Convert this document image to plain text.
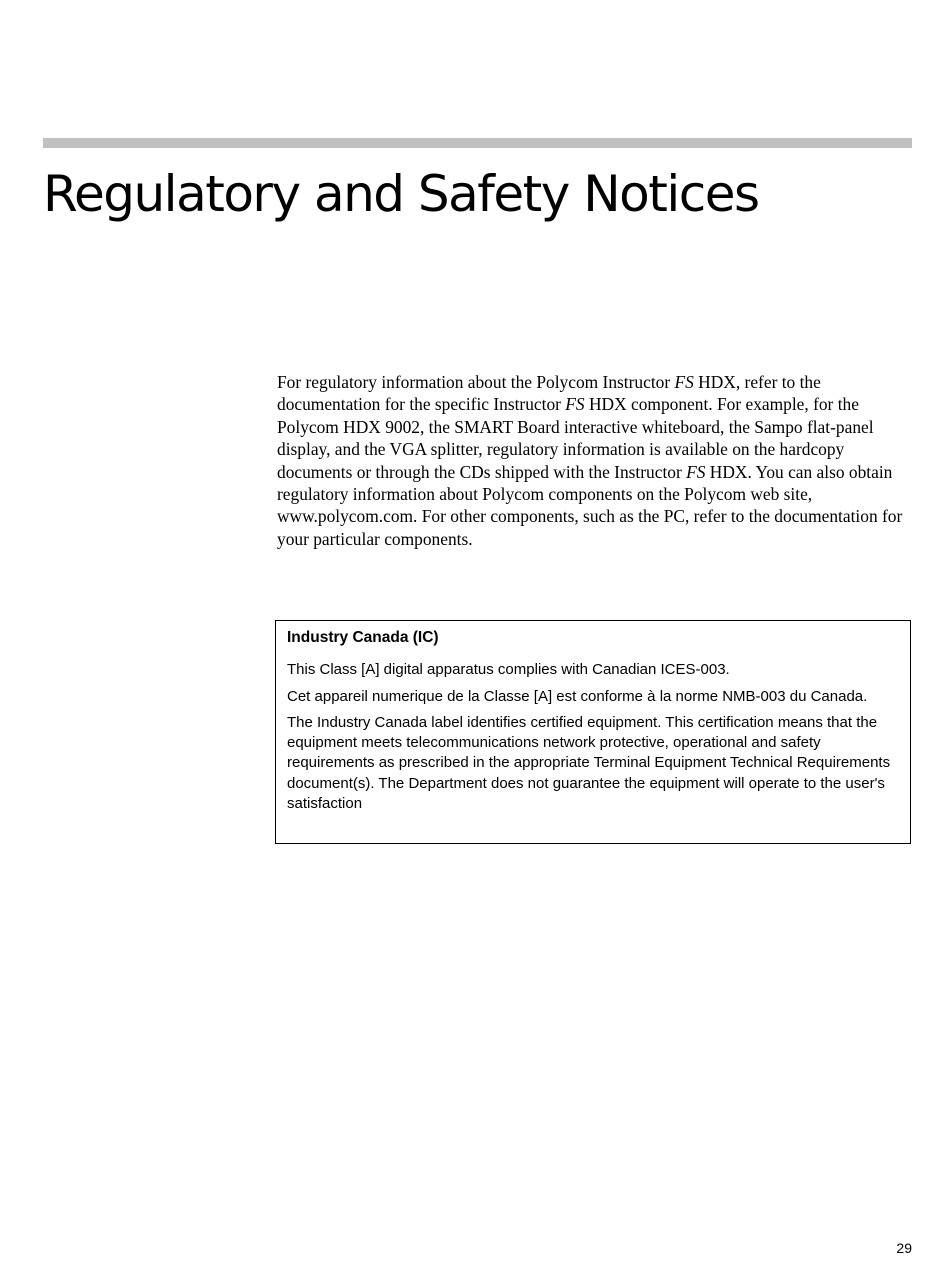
Regulatory and Safety Notices

For regulatory information about the Polycom Instructor FS HDX, refer to the documentation for the specific Instructor FS HDX component. For example, for the Polycom HDX 9002, the SMART Board interactive whiteboard, the Sampo flat-panel display, and the VGA splitter, regulatory information is available on the hardcopy documents or through the CDs shipped with the Instructor FS HDX. You can also obtain regulatory information about Polycom components on the Polycom web site, www.polycom.com. For other components, such as the PC, refer to the documentation for your particular components.

Industry Canada (IC)

This Class [A] digital apparatus complies with Canadian ICES-003.

Cet appareil numerique de la Classe [A] est conforme à la norme NMB-003 du Canada.

The Industry Canada label identifies certified equipment. This certification means that the equipment meets telecommunications network protective, operational and safety requirements as prescribed in the appropriate Terminal Equipment Technical Requirements document(s). The Department does not guarantee the equipment will operate to the user's satisfaction

29
